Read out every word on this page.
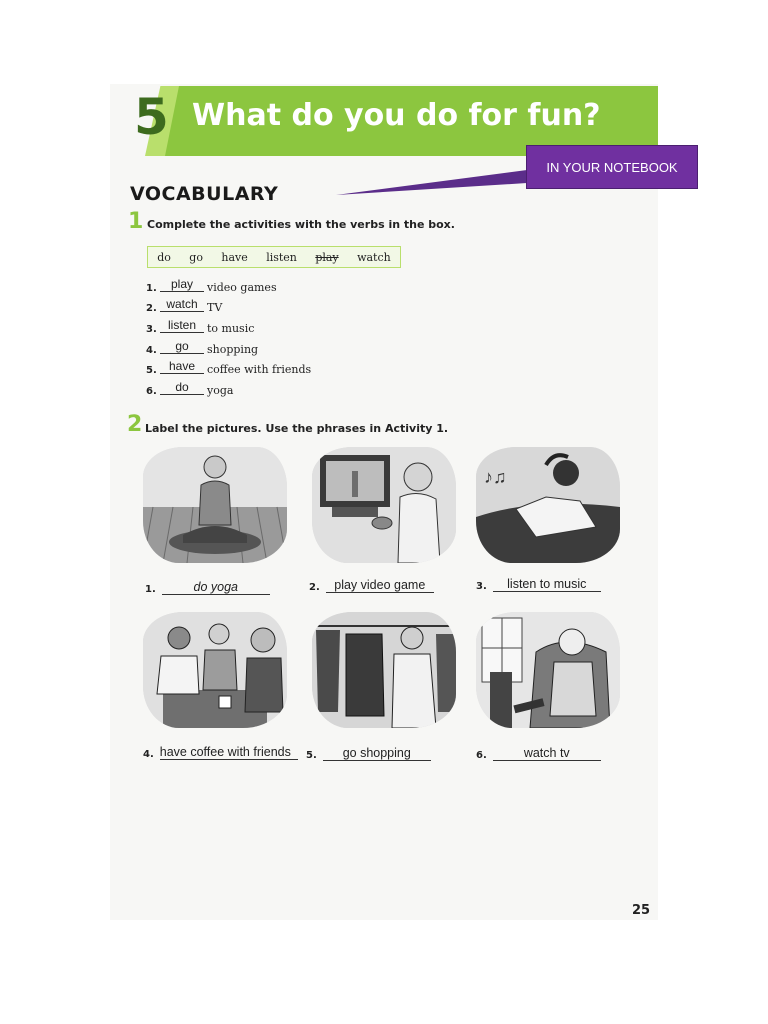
5 What do you do for fun?
IN YOUR NOTEBOOK
VOCABULARY
1 Complete the activities with the verbs in the box.
do go have listen play watch
1.	play	video games
2. watch TV
3. listen	to music
4.	go	shopping
5.	have	coffee with friends
6.	do	yoga
2 Label the pictures. Use the phrases in Activity 1.
♪♫
1.	do yoga	2.	play video game	3.	listen to music
4. have coffee with friends	5.	go shopping	6.	watch tv
25
